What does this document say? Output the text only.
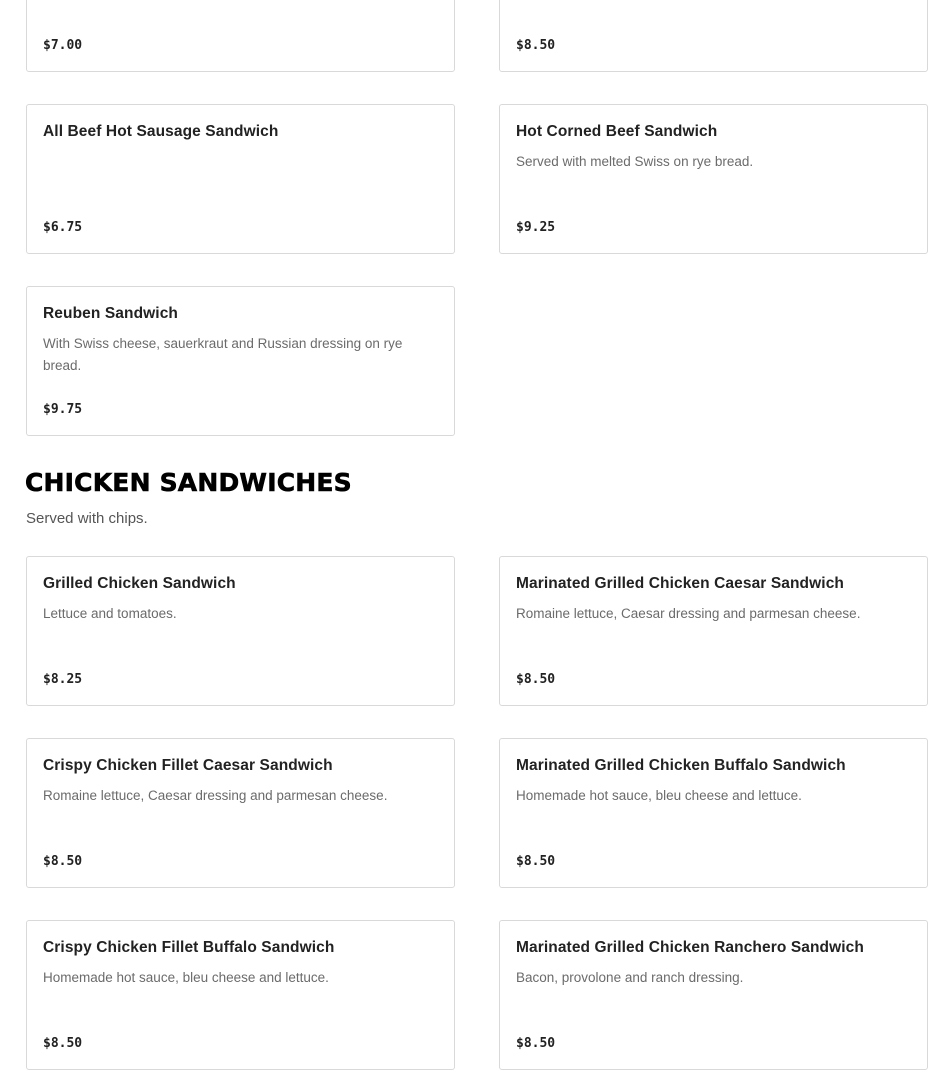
$7.00	$8.50
All Beef Hot Sausage Sandwich
$6.75
Hot Corned Beef Sandwich
Served with melted Swiss on rye bread.
$9.25
Reuben Sandwich
With Swiss cheese, sauerkraut and Russian dressing on rye bread.
$9.75
CHICKEN SANDWICHES
Served with chips.
Grilled Chicken Sandwich
Lettuce and tomatoes.
$8.25
Marinated Grilled Chicken Caesar Sandwich
Romaine lettuce, Caesar dressing and parmesan cheese.
$8.50
Crispy Chicken Fillet Caesar Sandwich
Romaine lettuce, Caesar dressing and parmesan cheese.
$8.50
Marinated Grilled Chicken Buffalo Sandwich
Homemade hot sauce, bleu cheese and lettuce.
$8.50
Crispy Chicken Fillet Buffalo Sandwich
Homemade hot sauce, bleu cheese and lettuce.
$8.50
Marinated Grilled Chicken Ranchero Sandwich
Bacon, provolone and ranch dressing.
$8.50
